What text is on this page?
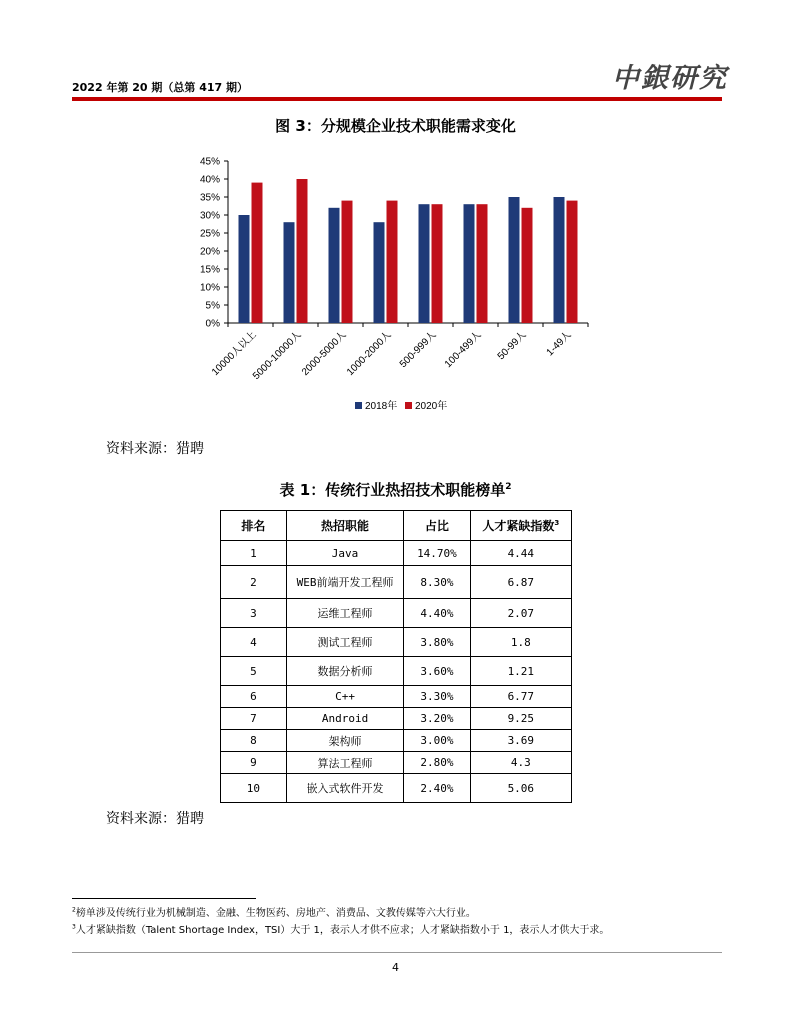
2022 年第 20 期（总第 417 期）	中銀研究
图 3：分规模企业技术职能需求变化
0%
5%
10%
15%
20%
25%
30%
35%
40%
45%
10000人以上
5000-10000人
2000-5000人
1000-2000人 500-999人 100-499人 50-99人 1-49人
2018年 2020年
资料来源：猎聘
表 1：传统行业热招技术职能榜单$^2$
排名	热招职能	占比	人才紧缺指数$^3$
1	Java	14.70%	4.44
2	WEB前端开发工程师	8.30%	6.87
3	运维工程师	4.40%	2.07
4	测试工程师	3.80%	1.8
5	数据分析师	3.60%	1.21
6	C++	3.30%	6.77
7	Android	3.20%	9.25
8	架构师	3.00%	3.69
9	算法工程师	2.80%	4.3
10	嵌入式软件开发	2.40%	5.06
资料来源：猎聘
$^2$榜单涉及传统行业为机械制造、金融、生物医药、房地产、消费品、文教传媒等六大行业。
$^3$人才紧缺指数（Talent Shortage Index，TSI）大于 1，表示人才供不应求；人才紧缺指数小于 1，表示人才供大于求。
4
